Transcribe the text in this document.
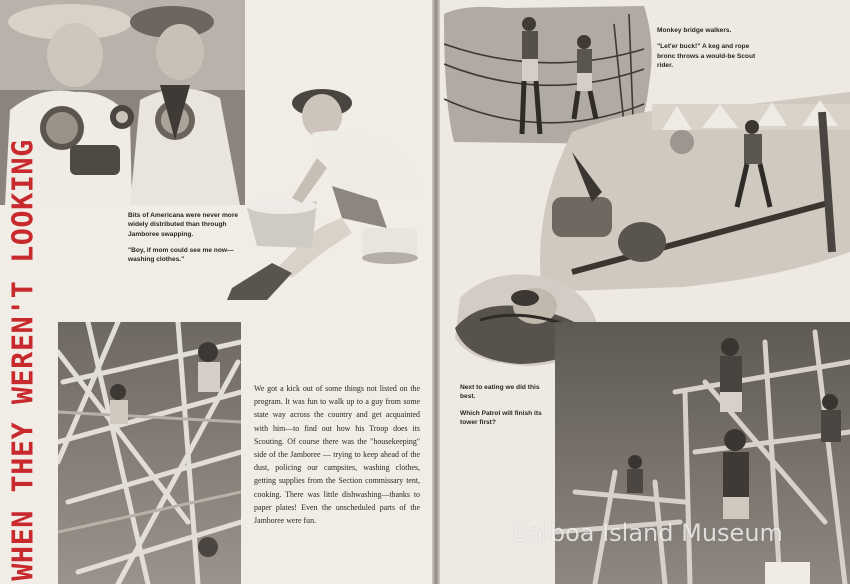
Bits of Americana were never more widely distributed than through Jamboree swapping.

"Boy, if mom could see me now—washing clothes."

We got a kick out of some things not listed on the program. It was fun to walk up to a guy from some state way across the country and get acquainted with him—to find out how his Troop does its Scouting. Of course there was the "housekeeping" side of the Jamboree — trying to keep ahead of the dust, policing our campsites, washing clothes, getting supplies from the Section commissary tent, cooking. There was little dishwashing—thanks to paper plates! Even the unscheduled parts of the Jamboree were fun.
WHEN THEY WEREN'T LOOKING

Monkey bridge walkers.

"Let'er buck!" A keg and rope bronc throws a would-be Scout rider.

Next to eating we did this best.

Which Patrol will finish its tower first?

Balboa Island Museum
